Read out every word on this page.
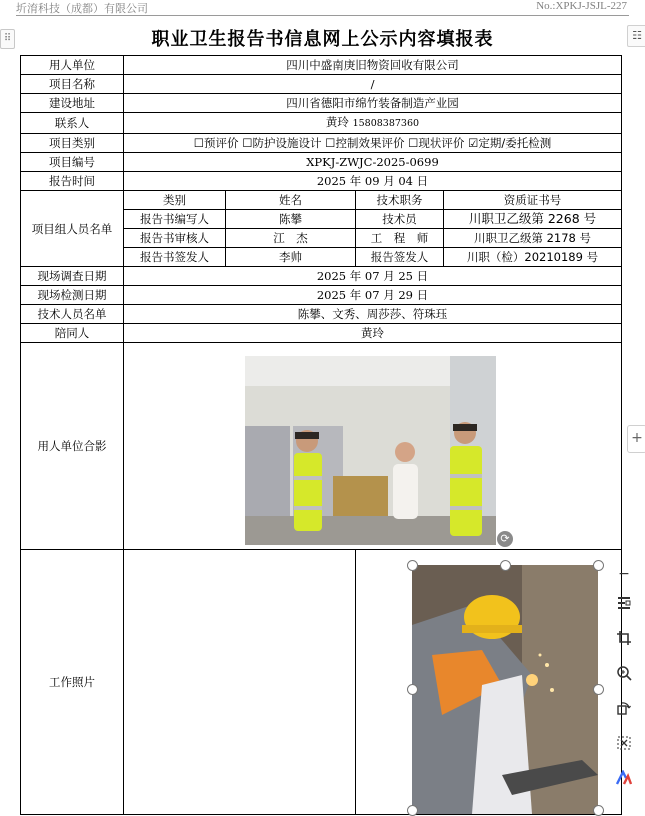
圻淯科技（成都）有限公司	No.:XPKJ-JSJL-227
⠿	☷
职业卫生报告书信息网上公示内容填报表
用人单位	四川中盛南庚旧物资回收有限公司			
项目名称	/			
建设地址	四川省德阳市绵竹装备制造产业园			
联系人	黄玲 15808387360			
项目类别	☐预评价 ☐防护设施设计 ☐控制效果评价 ☐现状评价 ☑定期/委托检测			
项目编号	XPKJ-ZWJC-2025-0699			
报告时间	2025 年 09 月 04 日			
项目组人员名单	类别	姓名	技术职务	资质证书号
	报告书编写人	陈攀	技术员	川职卫乙级第 2268 号
	报告书审核人	江　杰	工　程　师	川职卫乙级第 2178 号
	报告书签发人	李帅	报告签发人	川职（检）20210189 号
现场调查日期	2025 年 07 月 25 日			
现场检测日期	2025 年 07 月 29 日			
技术人员名单	陈攀、文秀、周莎莎、符珠珏			
陪同人	黄玲			
用人单位合影				
工作照片				
⟳
+
−
